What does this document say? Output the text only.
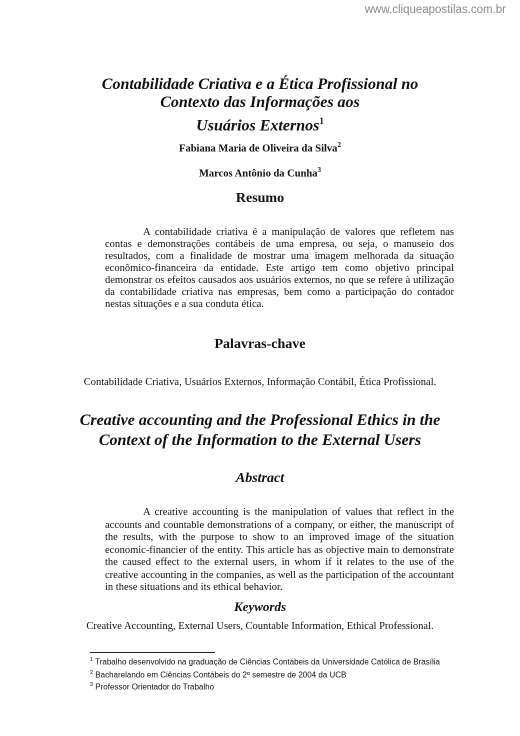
www.cliqueapostilas.com.br
Contabilidade Criativa e a Ética Profissional no
Contexto das Informações aos
Usuários Externos$^1$
Fabiana Maria de Oliveira da Silva$^2$
Marcos Antônio da Cunha$^3$
Resumo

A contabilidade criativa é a manipulação de valores que refletem nas contas e demonstrações contábeis de uma empresa, ou seja, o manuseio dos resultados, com a finalidade de mostrar uma imagem melhorada da situação econômico-financeira da entidade. Este artigo tem como objetivo principal demonstrar os efeitos causados aos usuários externos, no que se refere à utilização da contabilidade criativa nas empresas, bem como a participação do contador nestas situações e a sua conduta ética.

Palavras-chave
Contabilidade Criativa, Usuários Externos, Informação Contábil, Ética Profissional.
Creative accounting and the Professional Ethics in the
Context of the Information to the External Users
Abstract

A creative accounting is the manipulation of values that reflect in the accounts and countable demonstrations of a company, or either, the manuscript of the results, with the purpose to show to an improved image of the situation economic-financier of the entity. This article has as objective main to demonstrate the caused effect to the external users, in whom if it relates to the use of the creative accounting in the companies, as well as the participation of the accountant in these situations and its ethical behavior.

Keywords
Creative Accounting, External Users, Countable Information, Ethical Professional.
$^1$ Trabalho desenvolvido na graduação de Ciências Contábeis da Universidade Católica de Brasília
$^2$ Bacharelando em Ciências Contábeis do 2º semestre de 2004 da UCB
$^3$ Professor Orientador do Trabalho
